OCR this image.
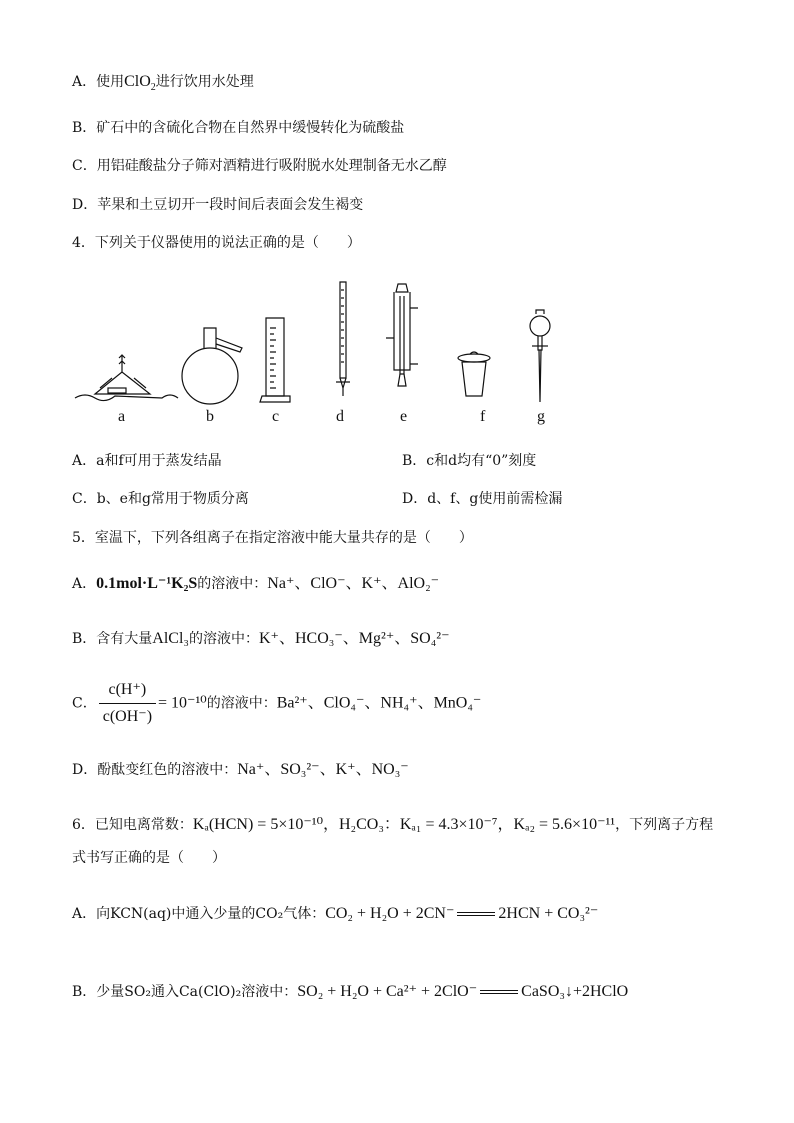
A．使用ClO$_2$进行饮用水处理
B．矿石中的含硫化合物在自然界中缓慢转化为硫酸盐
C．用铝硅酸盐分子筛对酒精进行吸附脱水处理制备无水乙醇
D．苹果和土豆切开一段时间后表面会发生褐变
4．下列关于仪器使用的说法正确的是（　　）
a	b	c	d	e	f	g
A．a和f可用于蒸发结晶	B．c和d均有“0”刻度
C．b、e和g常用于物质分离	D．d、f、g使用前需检漏
5．室温下，下列各组离子在指定溶液中能大量共存的是（　　）
A．0.1mol·L⁻¹K₂S的溶液中：Na⁺、ClO⁻、K⁺、AlO₂⁻
B．含有大量AlCl₃的溶液中：K⁺、HCO₃⁻、Mg²⁺、SO₄²⁻
C． $\frac{c(H^+)}{c(OH^-)} = 10^{-10}$的溶液中：Ba²⁺、ClO₄⁻、NH₄⁺、MnO₄⁻
D．酚酞变红色的溶液中：Na⁺、SO₃²⁻、K⁺、NO₃⁻
6．已知电离常数：Kₐ(HCN) = 5×10⁻¹⁰，H₂CO₃：Kₐ₁ = 4.3×10⁻⁷，Kₐ₂ = 5.6×10⁻¹¹，下列离子方程
式书写正确的是（　　）
A．向KCN(aq)中通入少量的CO₂气体：CO₂ + H₂O + 2CN⁻	2HCN + CO₃²⁻
B．少量SO₂通入Ca(ClO)₂溶液中：SO₂ + H₂O + Ca²⁺ + 2ClO⁻	CaSO₃↓+2HClO
